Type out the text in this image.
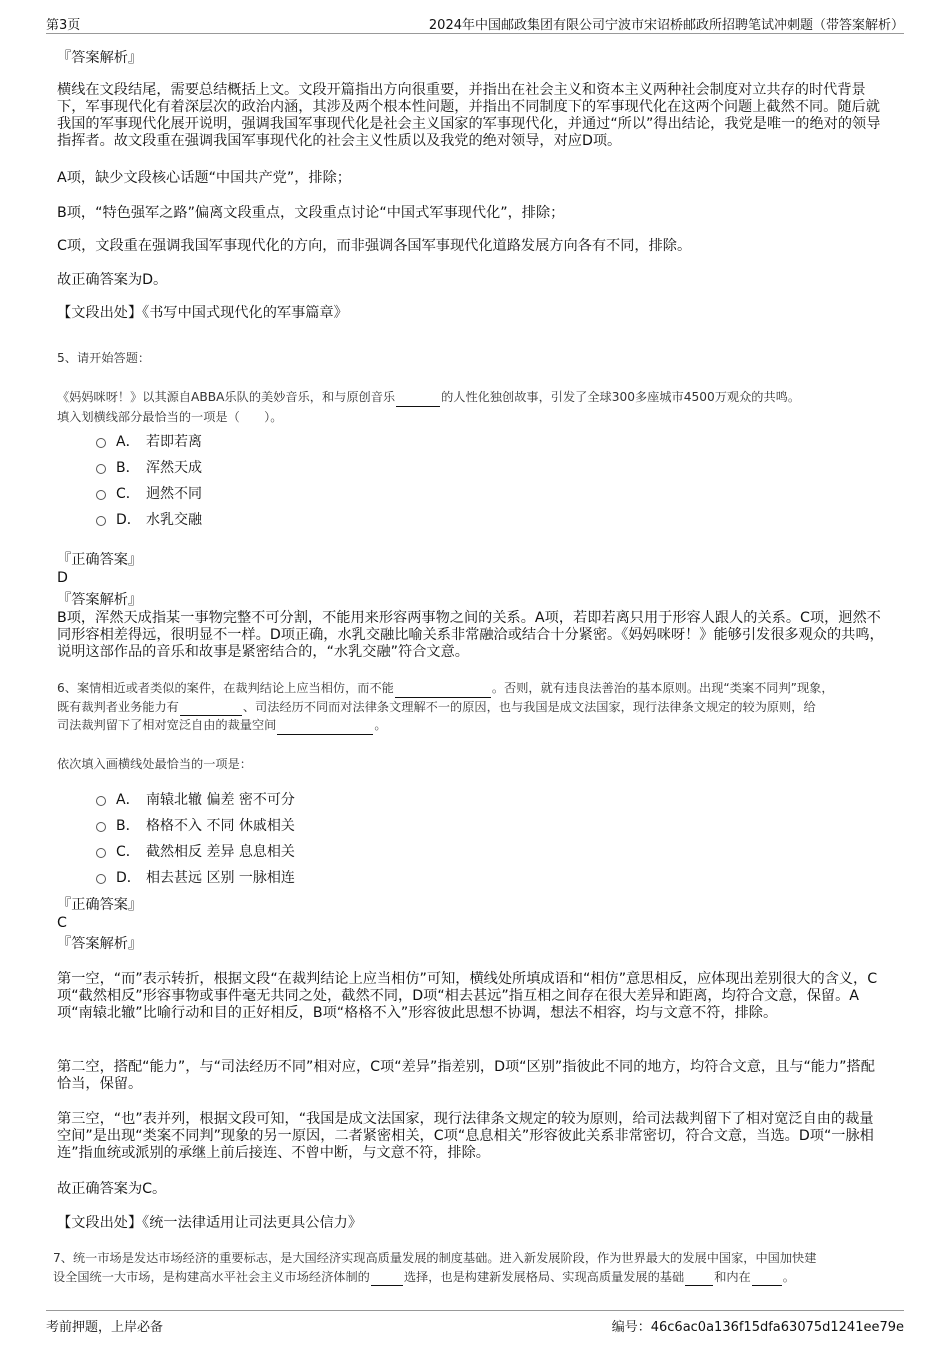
第3页	2024年中国邮政集团有限公司宁波市宋诏桥邮政所招聘笔试冲刺题（带答案解析）
『答案解析』
横线在文段结尾，需要总结概括上文。文段开篇指出方向很重要，并指出在社会主义和资本主义两种社会制度对立共存的时代背景下，军事现代化有着深层次的政治内涵，其涉及两个根本性问题，并指出不同制度下的军事现代化在这两个问题上截然不同。随后就我国的军事现代化展开说明，强调我国军事现代化是社会主义国家的军事现代化，并通过“所以”得出结论，我党是唯一的绝对的领导指挥者。故文段重在强调我国军事现代化的社会主义性质以及我党的绝对领导，对应D项。
A项，缺少文段核心话题“中国共产党”，排除；
B项，“特色强军之路”偏离文段重点，文段重点讨论“中国式军事现代化”，排除；
C项，文段重在强调我国军事现代化的方向，而非强调各国军事现代化道路发展方向各有不同，排除。
故正确答案为D。
【文段出处】《书写中国式现代化的军事篇章》
5、请开始答题：
《妈妈咪呀！》以其源自ABBA乐队的美妙音乐，和与原创音乐	的人性化独创故事，引发了全球300多座城市4500万观众的共鸣。
填入划横线部分最恰当的一项是（　　）。
A． 若即若离
B． 浑然天成
C． 迥然不同
D． 水乳交融
『正确答案』
D
『答案解析』
B项，浑然天成指某一事物完整不可分割，不能用来形容两事物之间的关系。A项，若即若离只用于形容人跟人的关系。C项，迥然不同形容相差得远，很明显不一样。D项正确，水乳交融比喻关系非常融洽或结合十分紧密。《妈妈咪呀！》能够引发很多观众的共鸣，说明这部作品的音乐和故事是紧密结合的，“水乳交融”符合文意。
6、案情相近或者类似的案件，在裁判结论上应当相仿，而不能	。否则，就有违良法善治的基本原则。出现“类案不同判”现象，
既有裁判者业务能力有	、司法经历不同而对法律条文理解不一的原因，也与我国是成文法国家，现行法律条文规定的较为原则，给
司法裁判留下了相对宽泛自由的裁量空间	。
依次填入画横线处最恰当的一项是：
A． 南辕北辙 偏差 密不可分
B． 格格不入 不同 休戚相关
C． 截然相反 差异 息息相关
D． 相去甚远 区别 一脉相连
『正确答案』
C
『答案解析』
第一空，“而”表示转折，根据文段“在裁判结论上应当相仿”可知，横线处所填成语和“相仿”意思相反，应体现出差别很大的含义，C项“截然相反”形容事物或事件毫无共同之处，截然不同，D项“相去甚远”指互相之间存在很大差异和距离，均符合文意，保留。A项“南辕北辙”比喻行动和目的正好相反，B项“格格不入”形容彼此思想不协调，想法不相容，均与文意不符，排除。
第二空，搭配“能力”，与“司法经历不同”相对应，C项“差异”指差别，D项“区别”指彼此不同的地方，均符合文意，且与“能力”搭配恰当，保留。
第三空，“也”表并列，根据文段可知，“我国是成文法国家，现行法律条文规定的较为原则，给司法裁判留下了相对宽泛自由的裁量空间”是出现“类案不同判”现象的另一原因，二者紧密相关，C项“息息相关”形容彼此关系非常密切，符合文意，当选。D项“一脉相连”指血统或派别的承继上前后接连、不曾中断，与文意不符，排除。
故正确答案为C。
【文段出处】《统一法律适用让司法更具公信力》
7、统一市场是发达市场经济的重要标志，是大国经济实现高质量发展的制度基础。进入新发展阶段，作为世界最大的发展中国家，中国加快建
设全国统一大市场，是构建高水平社会主义市场经济体制的	选择，也是构建新发展格局、实现高质量发展的基础 和内在	。
考前押题，上岸必备	编号：46c6ac0a136f15dfa63075d1241ee79e
